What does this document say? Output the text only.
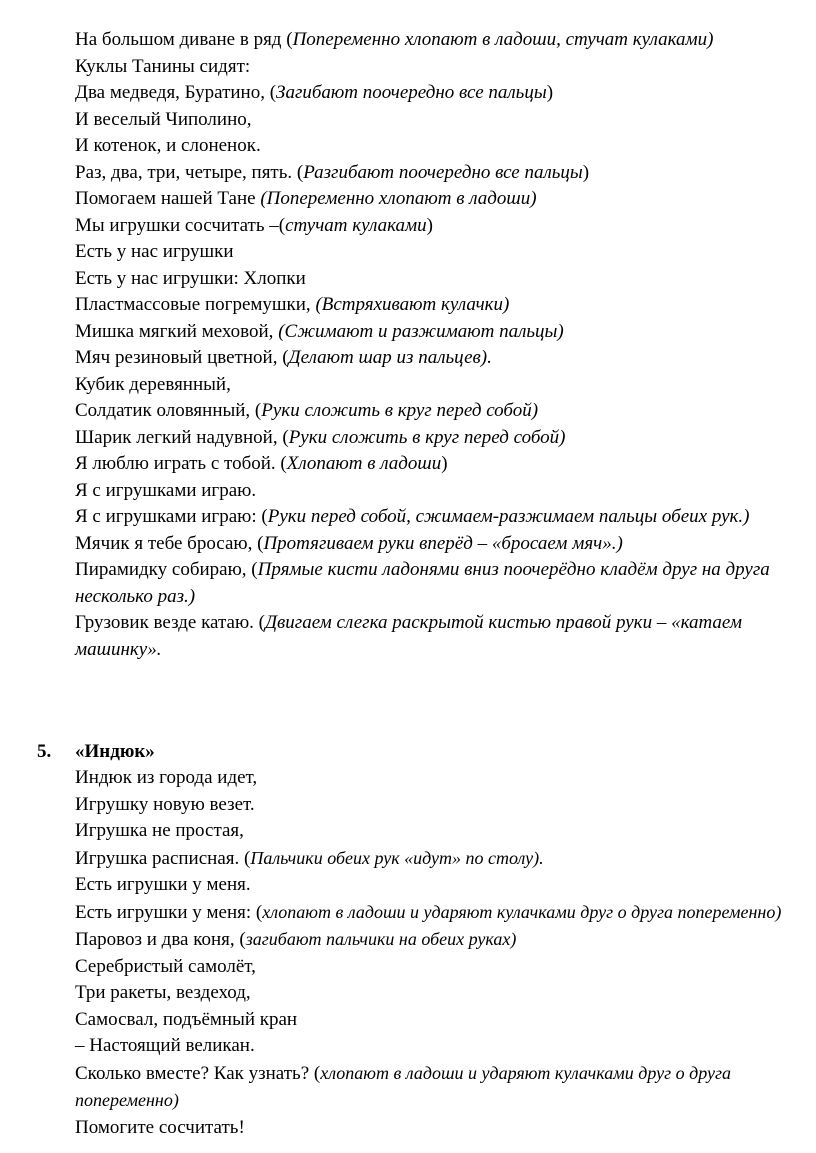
На большом диване в ряд (Попеременно хлопают в ладоши, стучат кулаками)
Куклы Танины сидят:
Два медведя, Буратино, (Загибают поочередно все пальцы)
И веселый Чиполино,
И котенок, и слоненок.
Раз, два, три, четыре, пять. (Разгибают поочередно все пальцы)
Помогаем нашей Тане (Попеременно хлопают в ладоши)
Мы игрушки сосчитать –(стучат кулаками)
Есть у нас игрушки
Есть у нас игрушки: Хлопки
Пластмассовые погремушки, (Встряхивают кулачки)
Мишка мягкий меховой, (Сжимают и разжимают пальцы)
Мяч резиновый цветной, (Делают шар из пальцев).
Кубик деревянный,
Солдатик оловянный, (Руки сложить в круг перед собой)
Шарик легкий надувной, (Руки сложить в круг перед собой)
Я люблю играть с тобой. (Хлопают в ладоши)
Я с игрушками играю.
Я с игрушками играю: (Руки перед собой, сжимаем-разжимаем пальцы обеих рук.)
Мячик я тебе бросаю, (Протягиваем руки вперёд – «бросаем мяч».)
Пирамидку собираю, (Прямые кисти ладонями вниз поочерёдно кладём друг на друга несколько раз.)
Грузовик везде катаю. (Двигаем слегка раскрытой кистью правой руки – «катаем машинку».
5. «Индюк»
Индюк из города идет,
Игрушку новую везет.
Игрушка не простая,
Игрушка расписная. (Пальчики обеих рук «идут» по столу).
Есть игрушки у меня.
Есть игрушки у меня: (хлопают в ладоши и ударяют кулачками друг о друга попеременно)
Паровоз и два коня, (загибают пальчики на обеих руках)
Серебристый самолёт,
Три ракеты, вездеход,
Самосвал, подъёмный кран
– Настоящий великан.
Сколько вместе? Как узнать? (хлопают в ладоши и ударяют кулачками друг о друга попеременно)
Помогите сосчитать!
